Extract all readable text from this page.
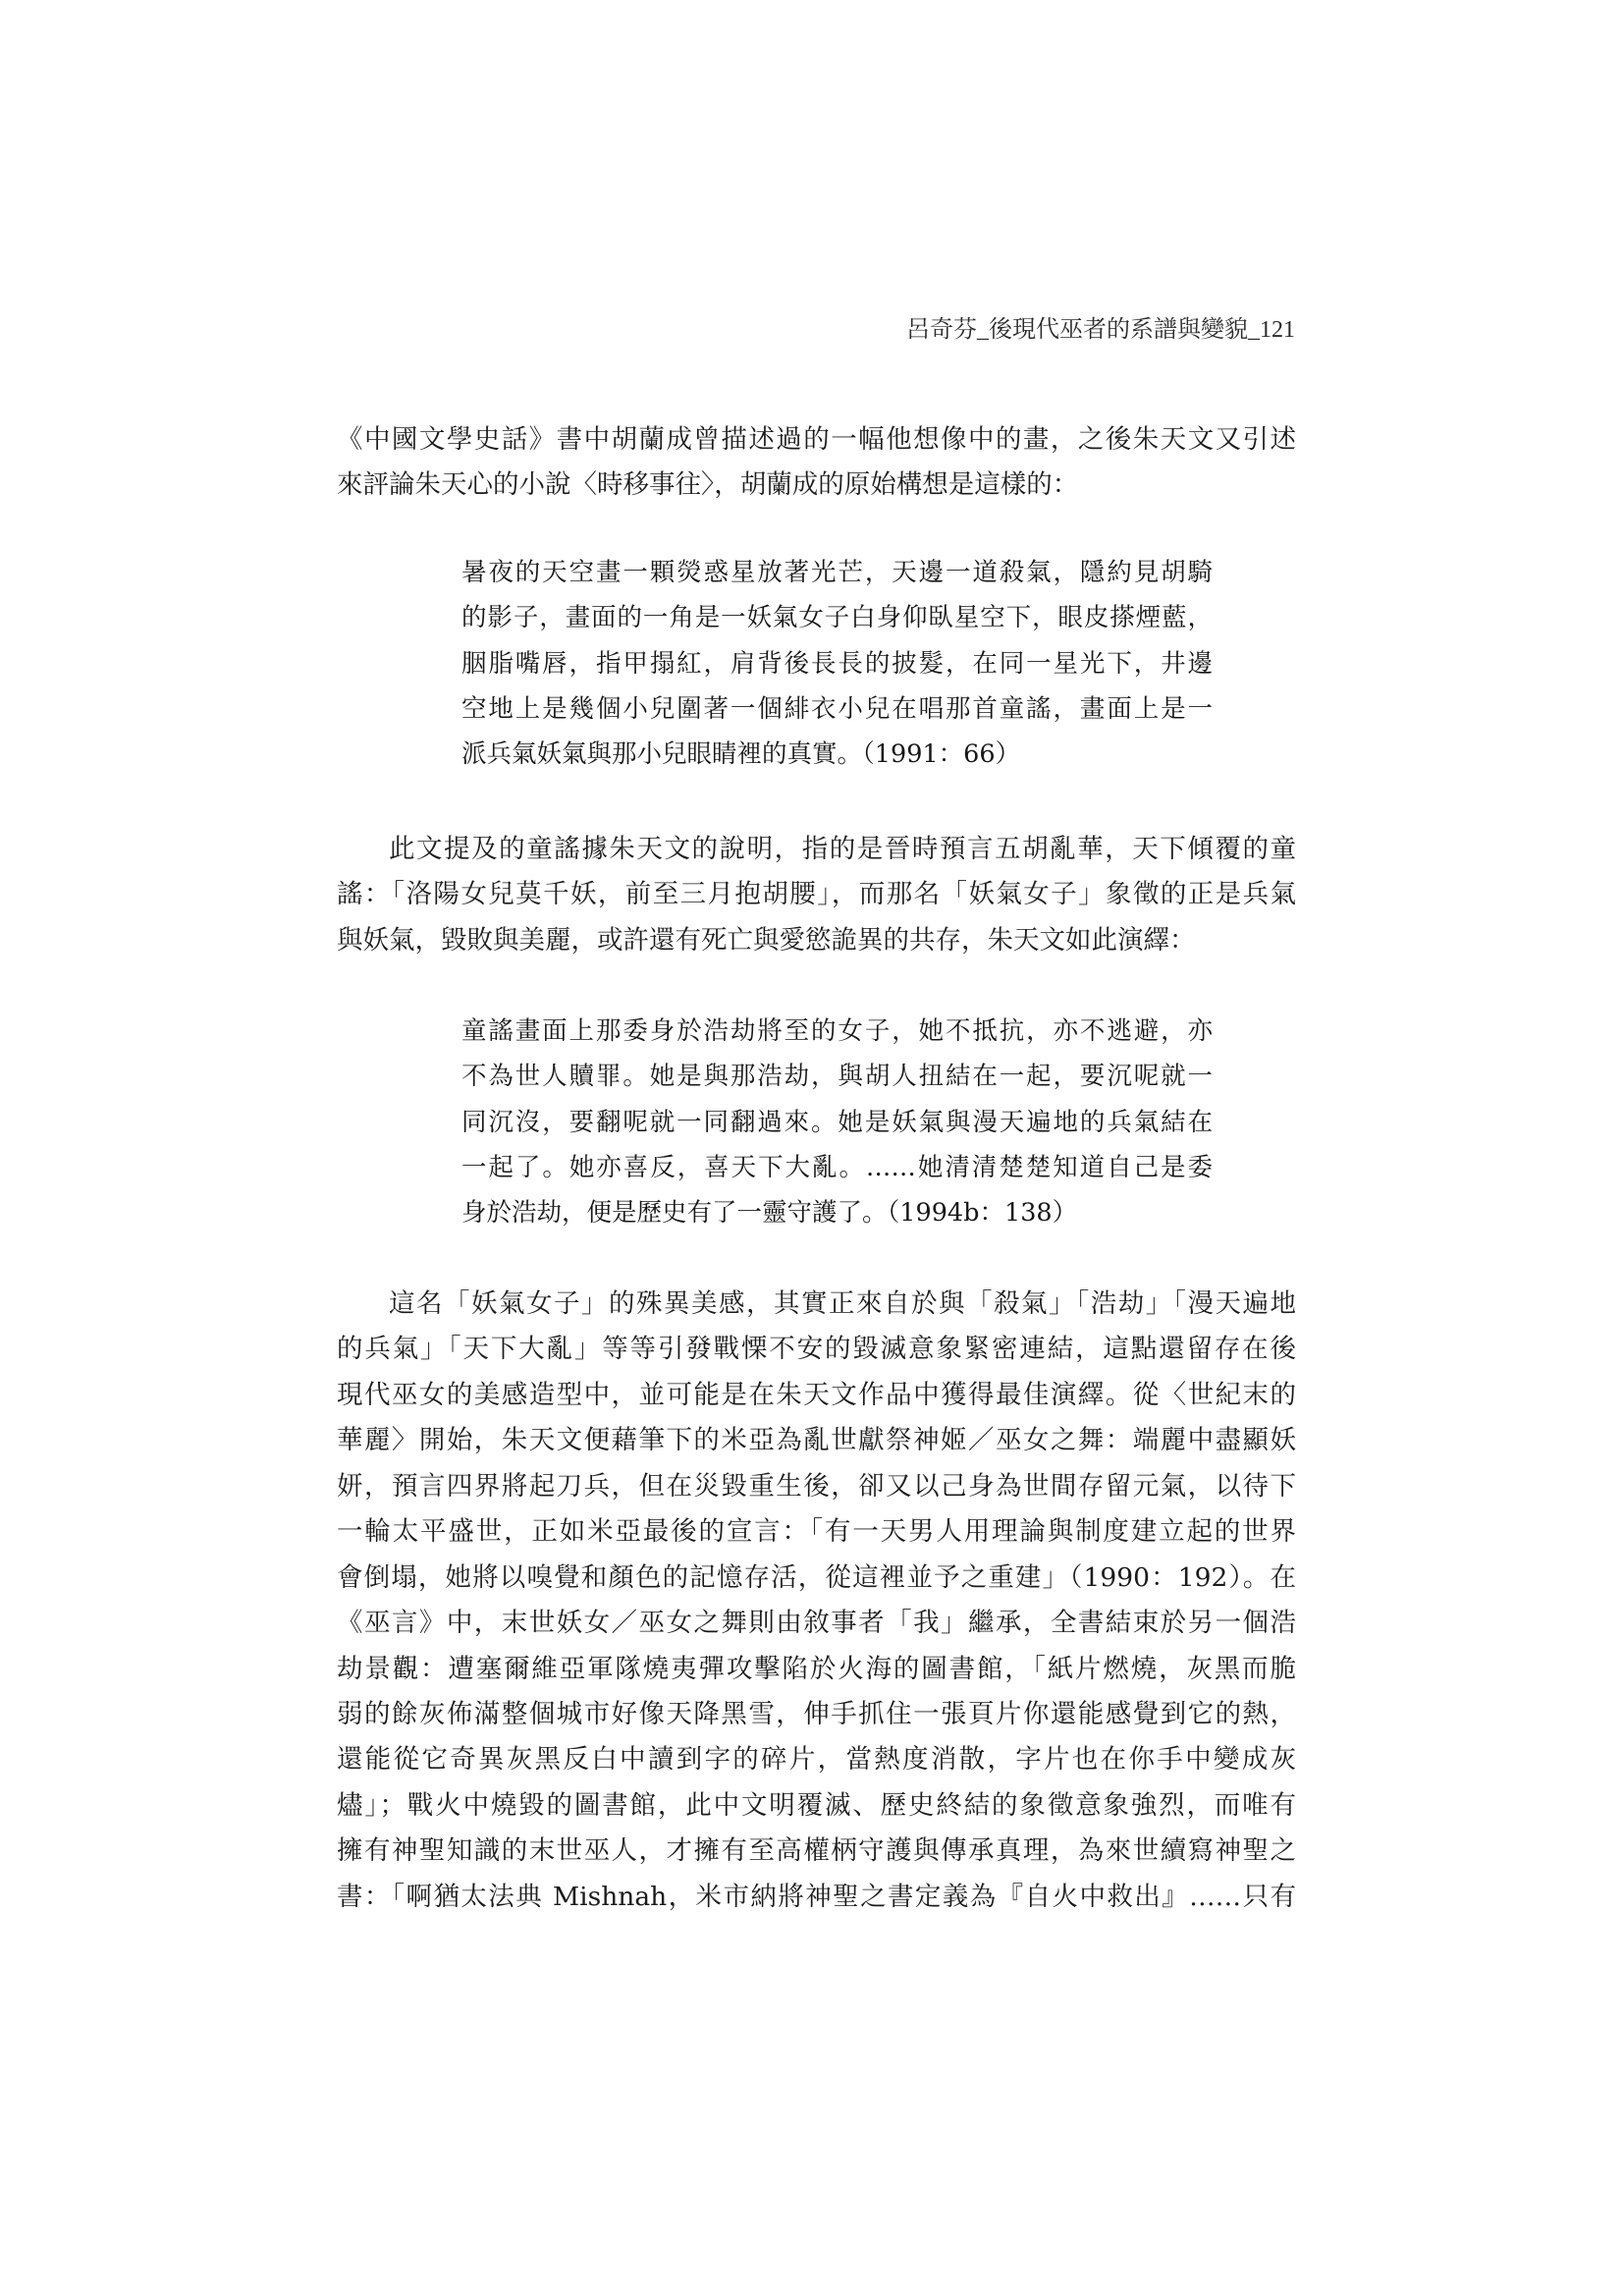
呂奇芬_後現代巫者的系譜與變貌_121
《中國文學史話》書中胡蘭成曾描述過的一幅他想像中的畫，之後朱天文又引述
來評論朱天心的小說〈時移事往〉，胡蘭成的原始構想是這樣的：
暑夜的天空畫一顆熒惑星放著光芒，天邊一道殺氣，隱約見胡騎
的影子，畫面的一角是一妖氣女子白身仰臥星空下，眼皮搽煙藍，
胭脂嘴唇，指甲搨紅，肩背後長長的披髮，在同一星光下，井邊
空地上是幾個小兒圍著一個緋衣小兒在唱那首童謠，畫面上是一
派兵氣妖氣與那小兒眼睛裡的真實。（1991：66）
此文提及的童謠據朱天文的說明，指的是晉時預言五胡亂華，天下傾覆的童
謠：「洛陽女兒莫千妖，前至三月抱胡腰」，而那名「妖氣女子」象徵的正是兵氣
與妖氣，毀敗與美麗，或許還有死亡與愛慾詭異的共存，朱天文如此演繹：
童謠畫面上那委身於浩劫將至的女子，她不抵抗，亦不逃避，亦
不為世人贖罪。她是與那浩劫，與胡人扭結在一起，要沉呢就一
同沉沒，要翻呢就一同翻過來。她是妖氣與漫天遍地的兵氣結在
一起了。她亦喜反，喜天下大亂。……她清清楚楚知道自己是委
身於浩劫，便是歷史有了一靈守護了。（1994b：138）
這名「妖氣女子」的殊異美感，其實正來自於與「殺氣」「浩劫」「漫天遍地
的兵氣」「天下大亂」等等引發戰慄不安的毀滅意象緊密連結，這點還留存在後
現代巫女的美感造型中，並可能是在朱天文作品中獲得最佳演繹。從〈世紀末的
華麗〉開始，朱天文便藉筆下的米亞為亂世獻祭神姬／巫女之舞：端麗中盡顯妖
妍，預言四界將起刀兵，但在災毀重生後，卻又以己身為世間存留元氣，以待下
一輪太平盛世，正如米亞最後的宣言：「有一天男人用理論與制度建立起的世界
會倒塌，她將以嗅覺和顏色的記憶存活，從這裡並予之重建」（1990：192）。在
《巫言》中，末世妖女／巫女之舞則由敘事者「我」繼承，全書結束於另一個浩
劫景觀：遭塞爾維亞軍隊燒夷彈攻擊陷於火海的圖書館，「紙片燃燒，灰黑而脆
弱的餘灰佈滿整個城市好像天降黑雪，伸手抓住一張頁片你還能感覺到它的熱，
還能從它奇異灰黑反白中讀到字的碎片，當熱度消散，字片也在你手中變成灰
燼」；戰火中燒毀的圖書館，此中文明覆滅、歷史終結的象徵意象強烈，而唯有
擁有神聖知識的末世巫人，才擁有至高權柄守護與傳承真理，為來世續寫神聖之
書：「啊猶太法典 Mishnah，米市納將神聖之書定義為『自火中救出』……只有
